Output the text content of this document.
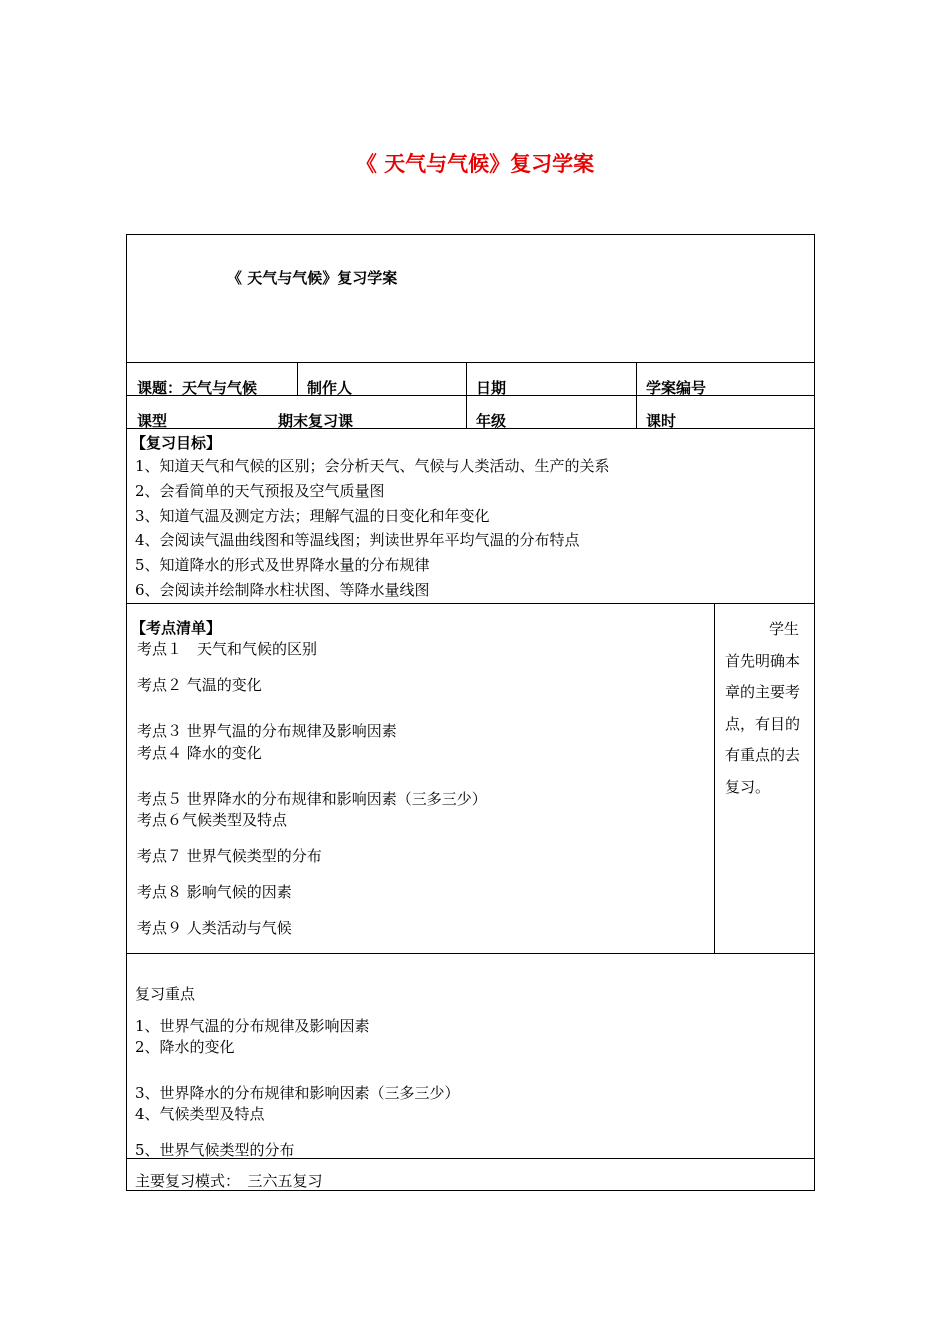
《 天气与气候》复习学案
《 天气与气候》复习学案
课题：天气与气候	制作人	日期	学案编号
课型	期末复习课	年级	课时
【复习目标】
1、知道天气和气候的区别；会分析天气、气候与人类活动、生产的关系
2、会看简单的天气预报及空气质量图
3、知道气温及测定方法；理解气温的日变化和年变化
4、会阅读气温曲线图和等温线图；判读世界年平均气温的分布特点
5、知道降水的形式及世界降水量的分布规律
6、会阅读并绘制降水柱状图、等降水量线图
【考点清单】
考点１　天气和气候的区别
考点２ 气温的变化
考点３ 世界气温的分布规律及影响因素
考点４ 降水的变化
考点５ 世界降水的分布规律和影响因素（三多三少）
考点６气候类型及特点
考点７ 世界气候类型的分布
考点８ 影响气候的因素
考点９ 人类活动与气候
学生首先明确本章的主要考点，有目的有重点的去复习。
复习重点
1、世界气温的分布规律及影响因素
2、降水的变化
3、世界降水的分布规律和影响因素（三多三少）
4、气候类型及特点
5、世界气候类型的分布
主要复习模式：　三六五复习
